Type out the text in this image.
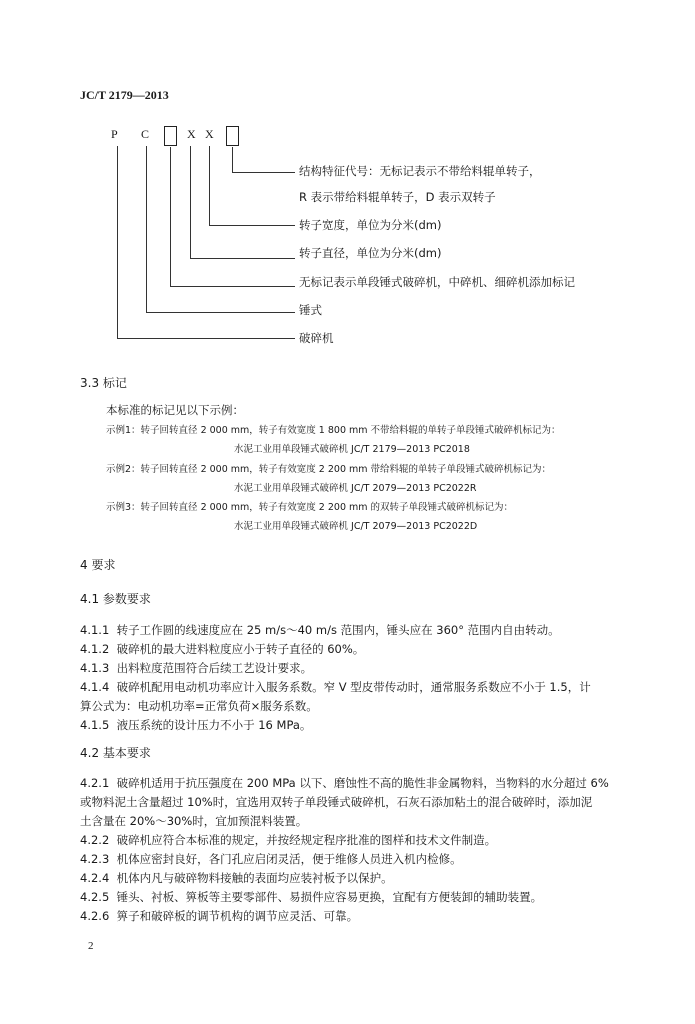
JC/T 2179—2013
P C	X X
结构特征代号：无标记表示不带给料辊单转子，
R 表示带给料辊单转子，D 表示双转子
转子宽度，单位为分米(dm)
转子直径，单位为分米(dm)
无标记表示单段锤式破碎机，中碎机、细碎机添加标记
锤式
破碎机
3.3 标记
本标准的标记见以下示例：
示例1：转子回转直径 2 000 mm，转子有效宽度 1 800 mm 不带给料辊的单转子单段锤式破碎机标记为：
水泥工业用单段锤式破碎机 JC/T 2179—2013 PC2018
示例2：转子回转直径 2 000 mm，转子有效宽度 2 200 mm 带给料辊的单转子单段锤式破碎机标记为：
水泥工业用单段锤式破碎机 JC/T 2079—2013 PC2022R
示例3：转子回转直径 2 000 mm，转子有效宽度 2 200 mm 的双转子单段锤式破碎机标记为：
水泥工业用单段锤式破碎机 JC/T 2079—2013 PC2022D
4 要求
4.1 参数要求
4.1.1 转子工作圆的线速度应在 25 m/s～40 m/s 范围内，锤头应在 360° 范围内自由转动。
4.1.2 破碎机的最大进料粒度应小于转子直径的 60%。
4.1.3 出料粒度范围符合后续工艺设计要求。
4.1.4 破碎机配用电动机功率应计入服务系数。窄 V 型皮带传动时，通常服务系数应不小于 1.5，计
算公式为：电动机功率=正常负荷×服务系数。
4.1.5 液压系统的设计压力不小于 16 MPa。
4.2 基本要求
4.2.1 破碎机适用于抗压强度在 200 MPa 以下、磨蚀性不高的脆性非金属物料，当物料的水分超过 6%
或物料泥土含量超过 10%时，宜选用双转子单段锤式破碎机，石灰石添加粘土的混合破碎时，添加泥
土含量在 20%～30%时，宜加预混料装置。
4.2.2 破碎机应符合本标准的规定，并按经规定程序批准的图样和技术文件制造。
4.2.3 机体应密封良好，各门孔应启闭灵活，便于维修人员进入机内检修。
4.2.4 机体内凡与破碎物料接触的表面均应装衬板予以保护。
4.2.5 锤头、衬板、箅板等主要零部件、易损件应容易更换，宜配有方便装卸的辅助装置。
4.2.6 箅子和破碎板的调节机构的调节应灵活、可靠。
2
